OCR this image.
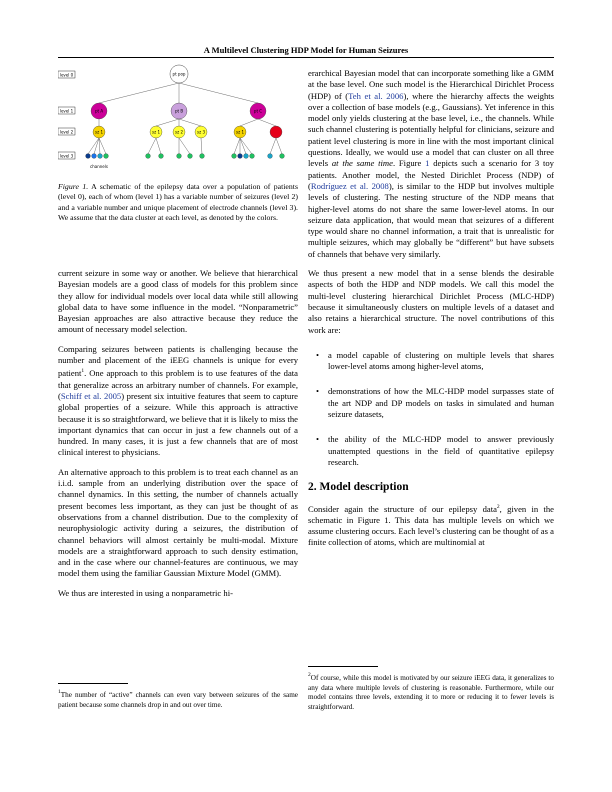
A Multilevel Clustering HDP Model for Human Seizures
level 0
level 1
level 2
level 3
pt pop
pt A	pt B	pt C
sz 1	sz 1	sz 2	sz 3	sz 1
channels
Figure 1. A schematic of the epilepsy data over a population of patients (level 0), each of whom (level 1) has a variable number of seizures (level 2) and a variable number and unique placement of electrode channels (level 3). We assume that the data cluster at each level, as denoted by the colors.

current seizure in some way or another. We believe that hierarchical Bayesian models are a good class of models for this problem since they allow for individual models over local data while still allowing global data to have some influence in the model. “Nonparametric” Bayesian approaches are also attractive because they reduce the amount of necessary model selection.

Comparing seizures between patients is challenging because the number and placement of the iEEG channels is unique for every patient$^1$. One approach to this problem is to use features of the data that generalize across an arbitrary number of channels. For example, (Schiff et al. 2005) present six intuitive features that seem to capture global properties of a seizure. While this approach is attractive because it is so straightforward, we believe that it is likely to miss the important dynamics that can occur in just a few channels out of a hundred. In many cases, it is just a few channels that are of most clinical interest to physicians.

An alternative approach to this problem is to treat each channel as an i.i.d. sample from an underlying distribution over the space of channel dynamics. In this setting, the number of channels actually present becomes less important, as they can just be thought of as observations from a channel distribution. Due to the complexity of neurophysiologic activity during a seizures, the distribution of channel behaviors will almost certainly be multi-modal. Mixture models are a straightforward approach to such density estimation, and in the case where our channel-features are continuous, we may model them using the familiar Gaussian Mixture Model (GMM).

We thus are interested in using a nonparametric hi-

$^1$The number of “active” channels can even vary between seizures of the same patient because some channels drop in and out over time.

erarchical Bayesian model that can incorporate something like a GMM at the base level. One such model is the Hierarchical Dirichlet Process (HDP) of (Teh et al. 2006), where the hierarchy affects the weights over a collection of base models (e.g., Gaussians). Yet inference in this model only yields clustering at the base level, i.e., the channels. While such channel clustering is potentially helpful for clinicians, seizure and patient level clustering is more in line with the most important clinical questions. Ideally, we would use a model that can cluster on all three levels at the same time. Figure 1 depicts such a scenario for 3 toy patients. Another model, the Nested Dirichlet Process (NDP) of (Rodríguez et al. 2008), is similar to the HDP but involves multiple levels of clustering. The nesting structure of the NDP means that higher-level atoms do not share the same lower-level atoms. In our seizure data application, that would mean that seizures of a different type would share no channel information, a trait that is unrealistic for multiple seizures, which may globally be “different” but have subsets of channels that behave very similarly.

We thus present a new model that in a sense blends the desirable aspects of both the HDP and NDP models. We call this model the multi-level clustering hierarchical Dirichlet Process (MLC-HDP) because it simultaneously clusters on multiple levels of a dataset and also retains a hierarchical structure. The novel contributions of this work are:

• a model capable of clustering on multiple levels that shares lower-level atoms among higher-level atoms,
• demonstrations of how the MLC-HDP model surpasses state of the art NDP and DP models on tasks in simulated and human seizure datasets,
• the ability of the MLC-HDP model to answer previously unattempted questions in the field of quantitative epilepsy research.
2. Model description

Consider again the structure of our epilepsy data$^2$, given in the schematic in Figure 1. This data has multiple levels on which we assume clustering occurs. Each level’s clustering can be thought of as a finite collection of atoms, which are multinomial at

$^2$Of course, while this model is motivated by our seizure iEEG data, it generalizes to any data where multiple levels of clustering is reasonable. Furthermore, while our model contains three levels, extending it to more or reducing it to fewer levels is straightforward.
